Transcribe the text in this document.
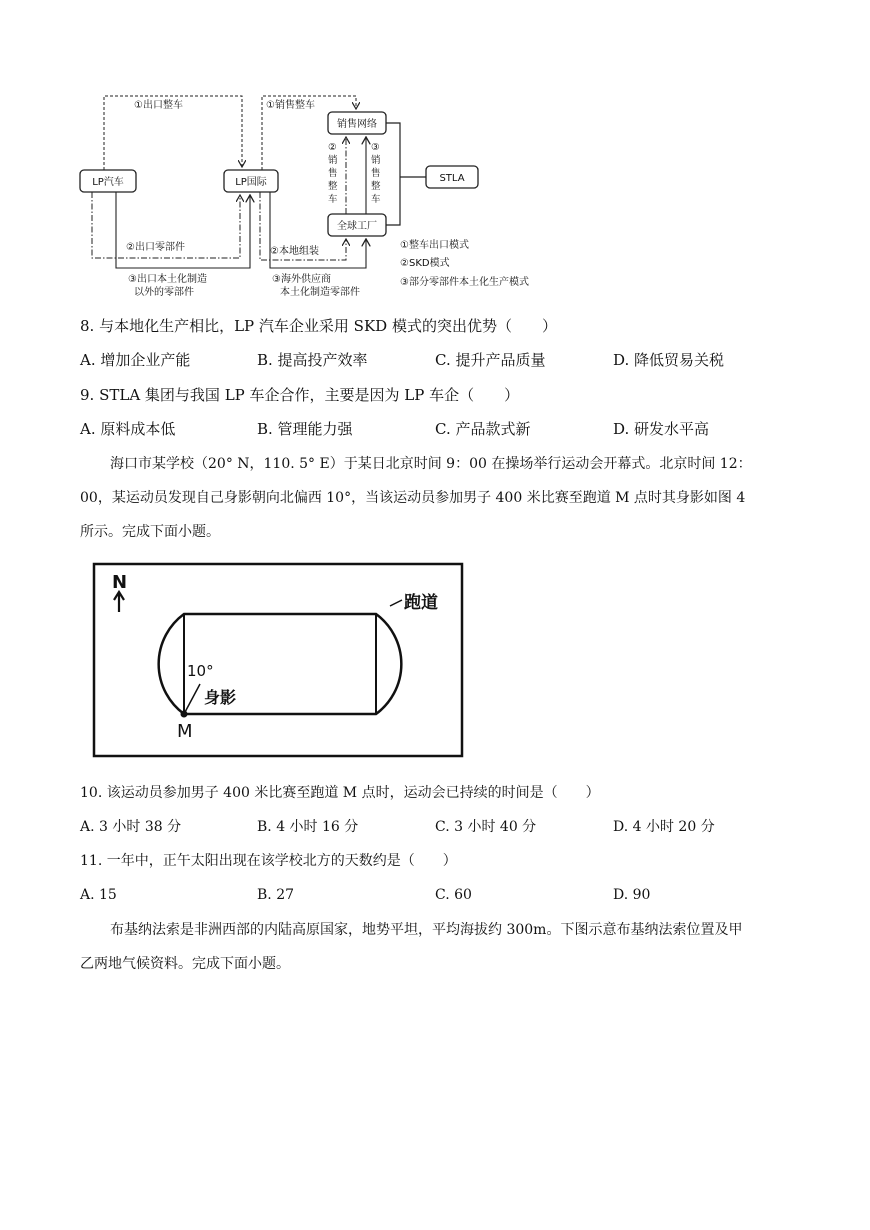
LP汽车	LP国际
销售网络
全球工厂
STLA
①出口整车	①销售整车
②出口零部件
③出口本土化制造
以外的零部件
②本地组装
③海外供应商
本土化制造零部件
②
销
售
整
车
③
销
售
整
车
①整车出口模式
②SKD模式
③部分零部件本土化生产模式
8. 与本地化生产相比，LP 汽车企业采用 SKD 模式的突出优势（　　）
A. 增加企业产能	B. 提高投产效率	C. 提升产品质量	D. 降低贸易关税
9. STLA 集团与我国 LP 车企合作，主要是因为 LP 车企（　　）
A. 原料成本低	B. 管理能力强	C. 产品款式新	D. 研发水平高
海口市某学校（20° N，110. 5° E）于某日北京时间 9：00 在操场举行运动会开幕式。北京时间 12：
00，某运动员发现自己身影朝向北偏西 10°，当该运动员参加男子 400 米比赛至跑道 M 点时其身影如图 4
所示。完成下面小题。
N
跑道
10°
身影
M
10. 该运动员参加男子 400 米比赛至跑道 M 点时，运动会已持续的时间是（　　）
A. 3 小时 38 分	B. 4 小时 16 分	C. 3 小时 40 分	D. 4 小时 20 分
11. 一年中，正午太阳出现在该学校北方的天数约是（　　）
A. 15	B. 27	C. 60	D. 90
布基纳法索是非洲西部的内陆高原国家，地势平坦，平均海拔约 300m。下图示意布基纳法索位置及甲
乙两地气候资料。完成下面小题。
